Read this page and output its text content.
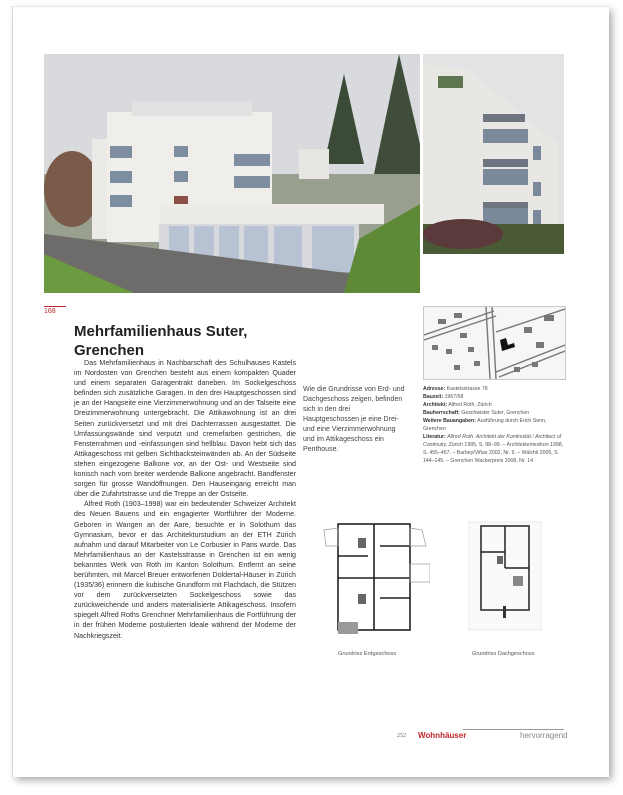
168
Mehrfamilienhaus Suter,
Grenchen

Das Mehrfamilienhaus in Nachbarschaft des Schulhauses Kastels im Nordosten von Grenchen besteht aus einem kompakten Quader und einem separaten Garagentrakt daneben. Im Sockelgeschoss befinden sich zusätzliche Garagen. In den drei Hauptgeschossen sind je an der Hangseite eine Vierzimmerwohnung und an der Talseite eine Dreizimmerwohnung untergebracht. Die Attikawohnung ist an drei Seiten zurückversetzt und mit drei Dachterrassen ausgestattet. Die Umfassungswände sind verputzt und cremefarben gestrichen, die Fensterrahmen und -einfassungen sind hellblau. Davon hebt sich das Attikageschoss mit gelben Sichtbacksteinwänden ab. An der Südseite stehen eingezogene Balkone vor, an der Ost- und Westseite sind konisch nach vorn breiter werdende Balkone angebracht. Bandfenster sorgen für grosse Wandöffnungen. Den Hauseingang erreicht man über die Zufahrtstrasse und die Treppe an der Ostseite.

Alfred Roth (1903–1998) war ein bedeutender Schweizer Architekt des Neuen Bauens und ein engagierter Wortführer der Moderne. Geboren in Wangen an der Aare, besuchte er in Solothurn das Gymnasium, bevor er das Architekturstudium an der ETH Zürich aufnahm und darauf Mitarbeiter von Le Corbusier in Paris wurde. Das Mehrfamilienhaus an der Kastelsstrasse in Grenchen ist ein wenig bekanntes Werk von Roth im Kanton Solothurn. Entfernt an seine berühmten, mit Marcel Breuer entworfenen Doldertal-Häuser in Zürich (1935/36) erinnern die kubische Grundform mit Flachdach, die Stützen vor dem zurückversetzten Sockelgeschoss sowie das zurückweichende und anders materialisierte Attikageschoss. Insofern spiegelt Alfred Roths Grenchner Mehrfamilienhaus die Fortführung der in der frühen Moderne postulierten Ideale während der Moderne der Nachkriegszeit.

Wie die Grundrisse von Erd- und Dachgeschoss zeigen, befinden sich in den drei Hauptgeschossen je eine Drei- und eine Vierzimmerwohnung und im Attikageschoss ein Penthouse.
Adresse: Kastelsstrasse 78
Bauzeit: 1967/68
Architekt: Alfred Roth, Zürich
Bauherrschaft: Geschwister Suter, Grenchen
Weitere Bauangaben: Ausführung durch Erich Senn, Grenchen
Literatur: Alfred Roth. Architekt der Kontinuität / Architect of Continuity, Zürich 1985, S. 98–99. – Architektenlexikon 1998, S. 455–457. – Barbey/Viñas 2002, Nr. 9. – Wälchli 2005, S. 144–145. – Grenchen Wackerpreis 2008, Nr. 14
Grundriss Erdgeschoss	Grundriss Dachgeschoss
252 Wohnhäuser	hervorragend
